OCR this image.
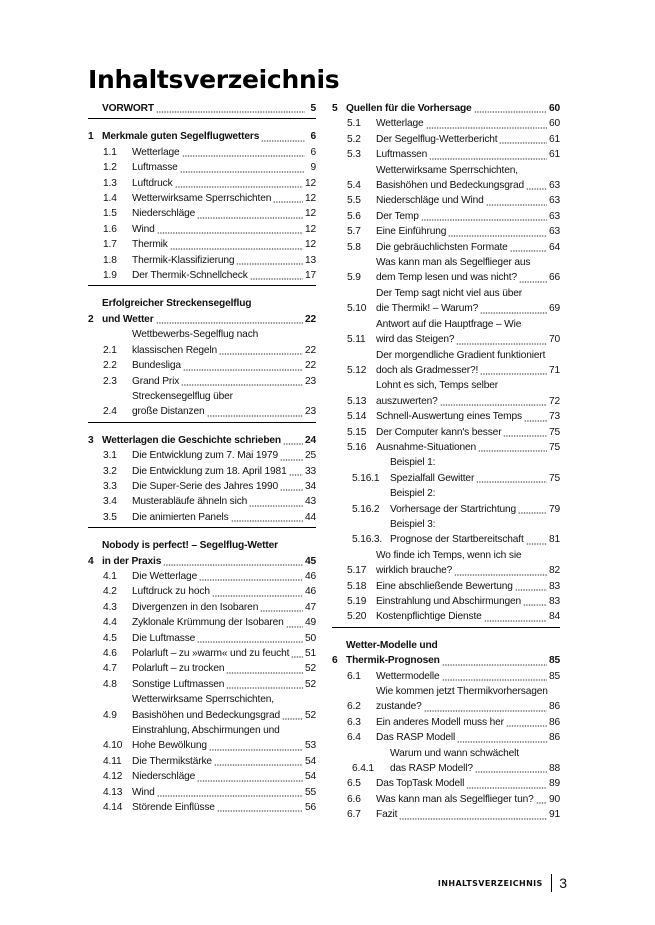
Inhaltsverzeichnis
VORWORT	5
1 Merkmale guten Segelflugwetters	6
1.1	Wetterlage	6
1.2	Luftmasse	9
1.3	Luftdruck	12
1.4	Wetterwirksame Sperrschichten	12
1.5	Niederschläge	12
1.6	Wind	12
1.7	Thermik	12
1.8	Thermik-Klassifizierung	13
1.9	Der Thermik-Schnellcheck	17
2
Erfolgreicher Streckensegelflug
und Wetter	22
2.1
Wettbewerbs-Segelflug nach
klassischen Regeln	22
2.2	Bundesliga	22
2.3	Grand Prix	23
2.4
Streckensegelflug über
große Distanzen	23
3 Wetterlagen die Geschichte schrieben 24
3.1	Die Entwicklung zum 7. Mai 1979	25
3.2	Die Entwicklung zum 18. April 1981 33
3.3	Die Super-Serie des Jahres 1990	34
3.4	Musterabläufe ähneln sich	43
3.5	Die animierten Panels	44
4
Nobody is perfect! – Segelflug-Wetter
in der Praxis	45
4.1	Die Wetterlage	46
4.2	Luftdruck zu hoch	46
4.3	Divergenzen in den Isobaren	47
4.4	Zyklonale Krümmung der Isobaren 49
4.5	Die Luftmasse	50
4.6	Polarluft – zu »warm« und zu feucht 51
4.7	Polarluft – zu trocken	52
4.8	Sonstige Luftmassen	52
4.9
Wetterwirksame Sperrschichten,
Basishöhen und Bedeckungsgrad 52
4.10
Einstrahlung, Abschirmungen und
Hohe Bewölkung	53
4.11	Die Thermikstärke	54
4.12 Niederschläge	54
4.13 Wind	55
4.14 Störende Einflüsse	56
5 Quellen für die Vorhersage	60
5.1	Wetterlage	60
5.2	Der Segelflug-Wetterbericht	61
5.3	Luftmassen	61
5.4
Wetterwirksame Sperrschichten,
Basishöhen und Bedeckungsgrad 63
5.5	Niederschläge und Wind	63
5.6	Der Temp	63
5.7	Eine Einführung	63
5.8	Die gebräuchlichsten Formate	64
5.9
Was kann man als Segelflieger aus
dem Temp lesen und was nicht?	66
5.10
Der Temp sagt nicht viel aus über
die Thermik! – Warum?	69
5.11
Antwort auf die Hauptfrage – Wie
wird das Steigen?	70
5.12
Der morgendliche Gradient funktioniert
doch als Gradmesser?!	71
5.13
Lohnt es sich, Temps selber
auszuwerten?	72
5.14 Schnell-Auswertung eines Temps	73
5.15 Der Computer kann's besser	75
5.16 Ausnahme-Situationen	75
5.16.1
Beispiel 1:
Spezialfall Gewitter	75
5.16.2
Beispiel 2:
Vorhersage der Startrichtung	79
5.16.3.
Beispiel 3:
Prognose der Startbereitschaft 81
5.17
Wo finde ich Temps, wenn ich sie
wirklich brauche?	82
5.18 Eine abschließende Bewertung	83
5.19 Einstrahlung und Abschirmungen	83
5.20 Kostenpflichtige Dienste	84
6
Wetter-Modelle und
Thermik-Prognosen	85
6.1	Wettermodelle	85
6.2
Wie kommen jetzt Thermikvorhersagen
zustande?	86
6.3	Ein anderes Modell muss her	86
6.4	Das RASP Modell	86
6.4.1
Warum und wann schwächelt
das RASP Modell?	88
6.5	Das TopTask Modell	89
6.6	Was kann man als Segelflieger tun? 90
6.7	Fazit	91
INHALTSVERZEICHNIS 3
